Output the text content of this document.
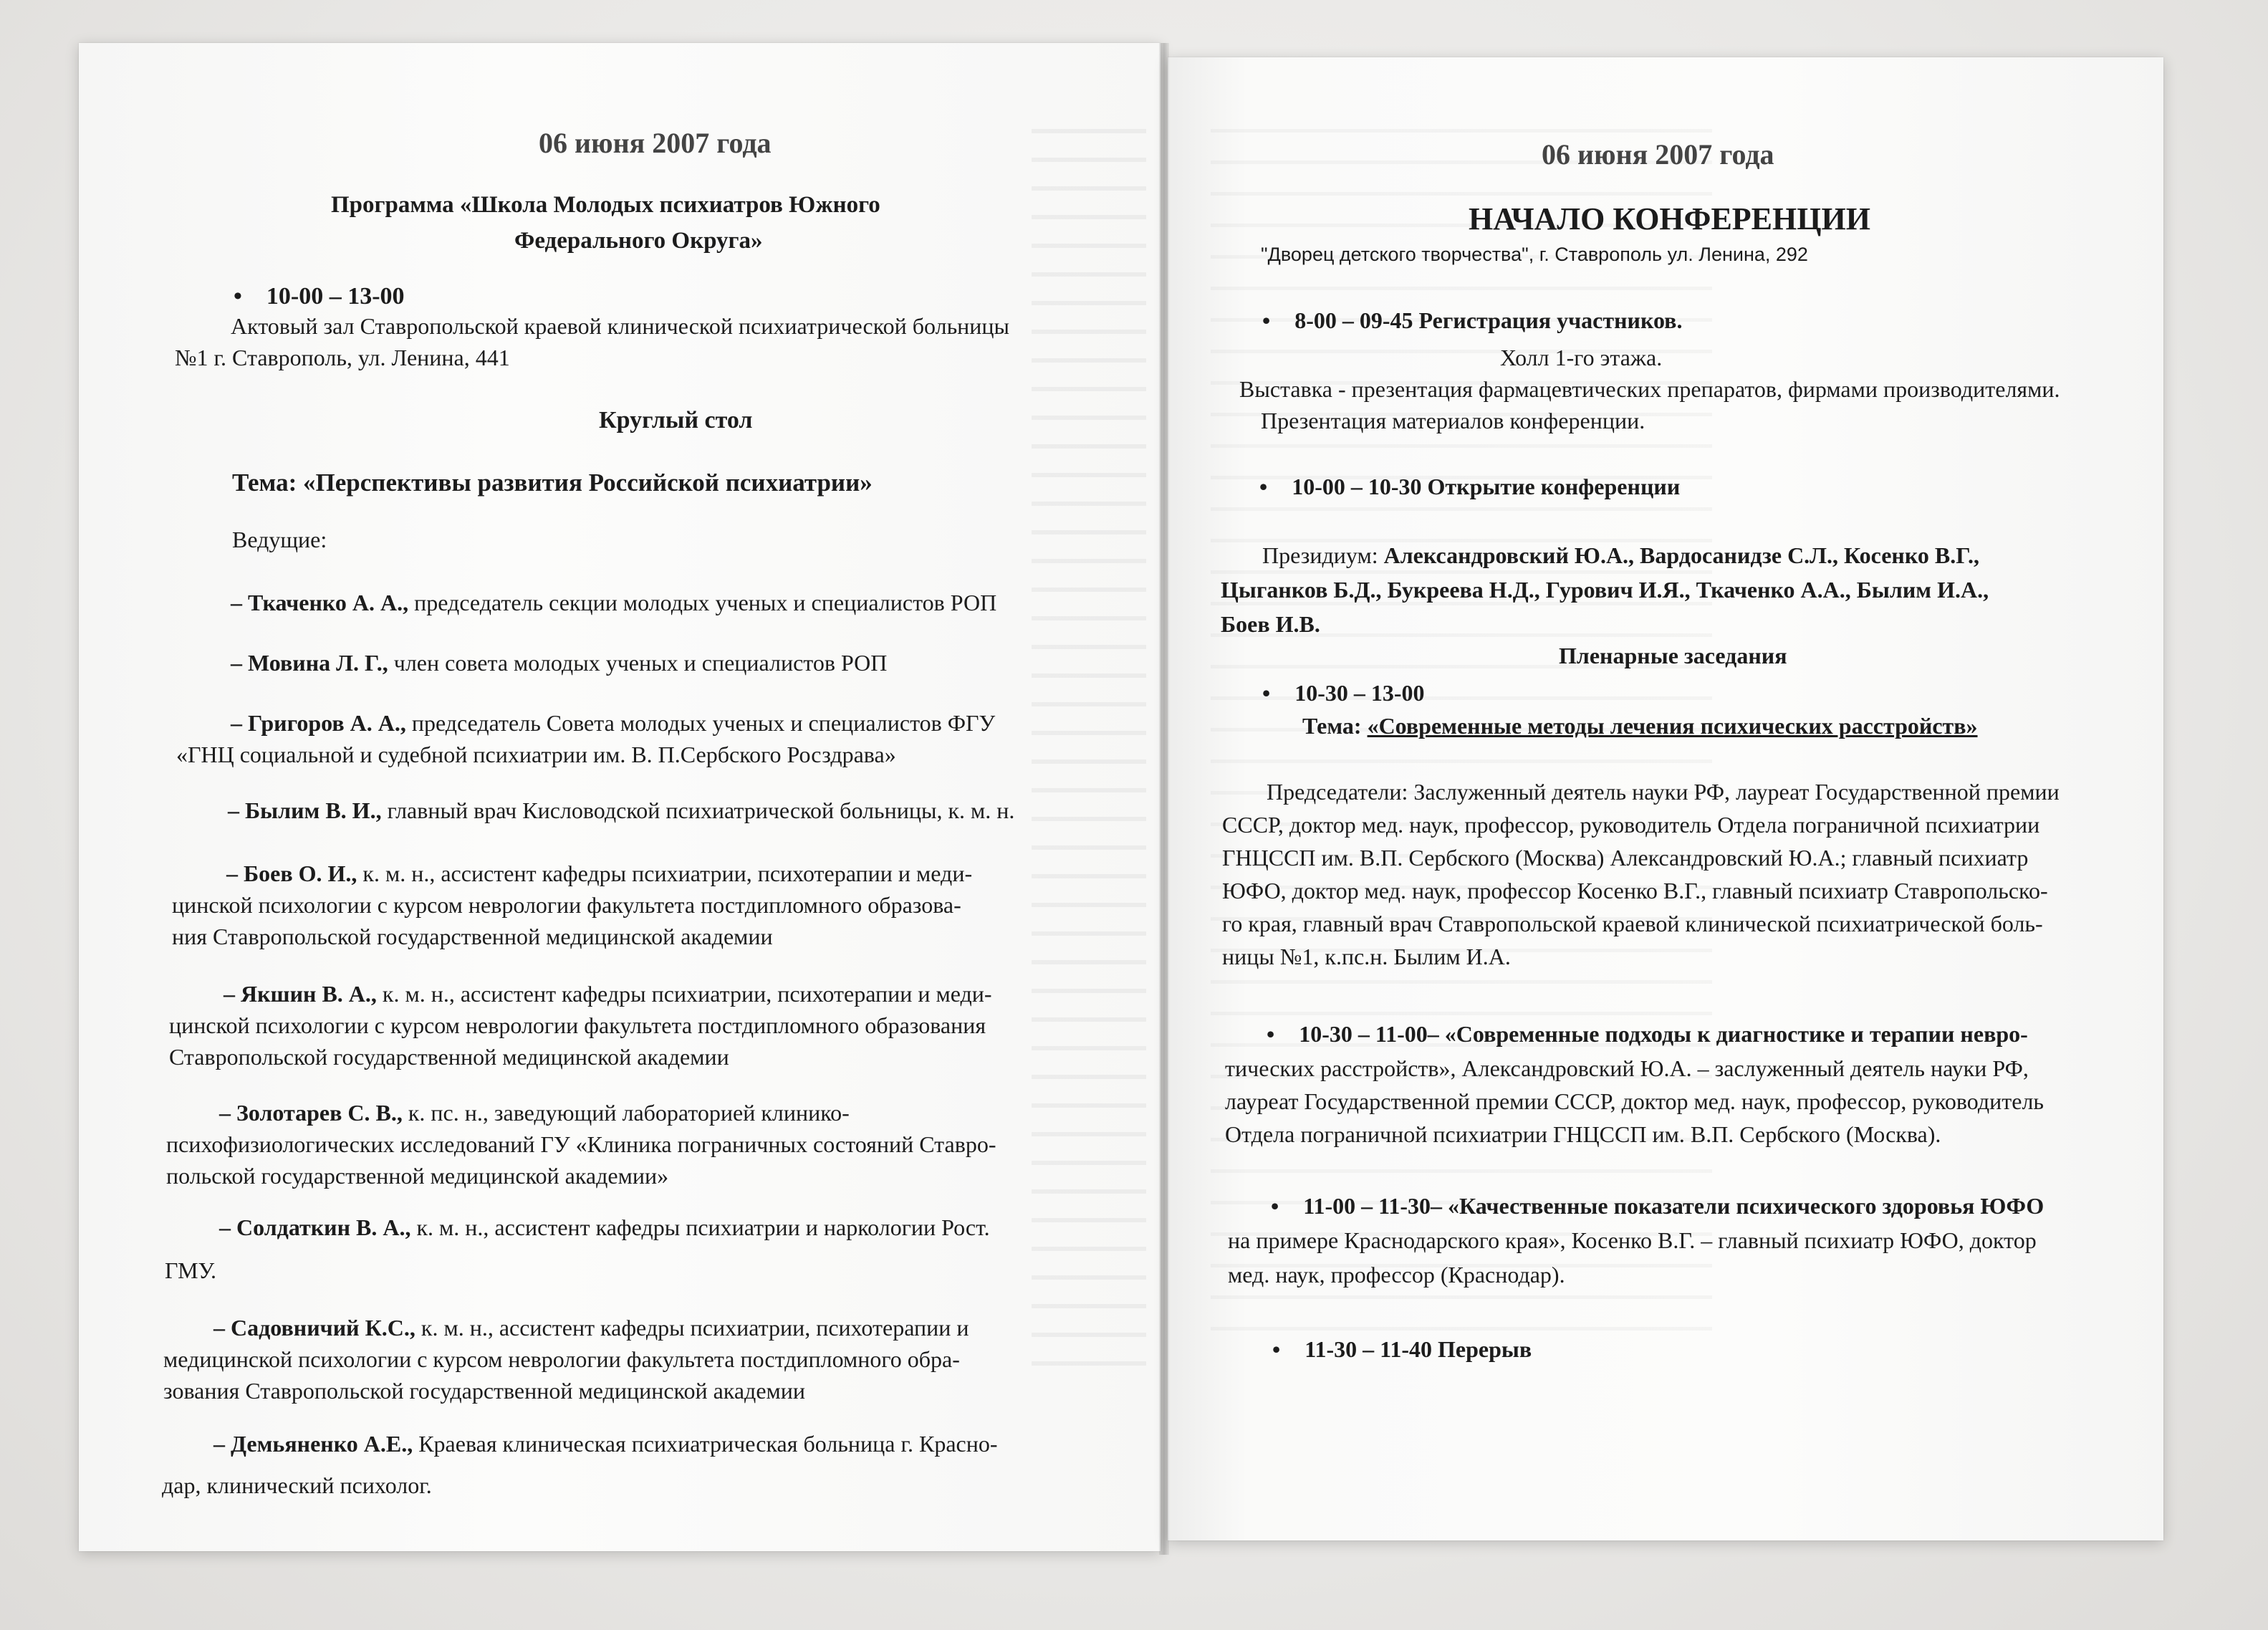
06 июня 2007 года
Программа «Школа Молодых психиатров Южного
Федерального Округа»
• 10-00 – 13-00
Актовый зал Ставропольской краевой клинической психиатрической больницы
№1 г. Ставрополь, ул. Ленина, 441
Круглый стол
Тема: «Перспективы развития Российской психиатрии»
Ведущие:
– Ткаченко А. А., председатель секции молодых ученых и специалистов РОП
– Мовина Л. Г., член совета молодых ученых и специалистов РОП
– Григоров А. А., председатель Совета молодых ученых и специалистов ФГУ
«ГНЦ социальной и судебной психиатрии им. В. П.Сербского Росздрава»
– Былим В. И., главный врач Кисловодской психиатрической больницы, к. м. н.
– Боев О. И., к. м. н., ассистент кафедры психиатрии, психотерапии и меди-
цинской психологии с курсом неврологии факультета постдипломного образова-
ния Ставропольской государственной медицинской академии
– Якшин В. А., к. м. н., ассистент кафедры психиатрии, психотерапии и меди-
цинской психологии с курсом неврологии факультета постдипломного образования
Ставропольской государственной медицинской академии
– Золотарев С. В., к. пс. н., заведующий лабораторией клинико-
психофизиологических исследований ГУ «Клиника пограничных состояний Ставро-
польской государственной медицинской академии»
– Солдаткин В. А., к. м. н., ассистент кафедры психиатрии и наркологии Рост.
ГМУ.
– Садовничий К.С., к. м. н., ассистент кафедры психиатрии, психотерапии и
медицинской психологии с курсом неврологии факультета постдипломного обра-
зования Ставропольской государственной медицинской академии
– Демьяненко А.Е., Краевая клиническая психиатрическая больница г. Красно-
дар, клинический психолог.
06 июня 2007 года
НАЧАЛО КОНФЕРЕНЦИИ
"Дворец детского творчества", г. Ставрополь ул. Ленина, 292
• 8-00 – 09-45 Регистрация участников.
Холл 1-го этажа.
Выставка - презентация фармацевтических препаратов, фирмами производителями.
Презентация материалов конференции.
• 10-00 – 10-30 Открытие конференции
Президиум: Александровский Ю.А., Вардосанидзе С.Л., Косенко В.Г.,
Цыганков Б.Д., Букреева Н.Д., Гурович И.Я., Ткаченко А.А., Былим И.А.,
Боев И.В.
Пленарные заседания
• 10-30 – 13-00
Тема: «Современные методы лечения психических расстройств»
Председатели: Заслуженный деятель науки РФ, лауреат Государственной премии
СССР, доктор мед. наук, профессор, руководитель Отдела пограничной психиатрии
ГНЦССП им. В.П. Сербского (Москва) Александровский Ю.А.; главный психиатр
ЮФО, доктор мед. наук, профессор Косенко В.Г., главный психиатр Ставропольско-
го края, главный врач Ставропольской краевой клинической психиатрической боль-
ницы №1, к.пс.н. Былим И.А.
• 10-30 – 11-00– «Современные подходы к диагностике и терапии невро-
тических расстройств», Александровский Ю.А. – заслуженный деятель науки РФ,
лауреат Государственной премии СССР, доктор мед. наук, профессор, руководитель
Отдела пограничной психиатрии ГНЦССП им. В.П. Сербского (Москва).
• 11-00 – 11-30– «Качественные показатели психического здоровья ЮФО
на примере Краснодарского края», Косенко В.Г. – главный психиатр ЮФО, доктор
мед. наук, профессор (Краснодар).
• 11-30 – 11-40 Перерыв
